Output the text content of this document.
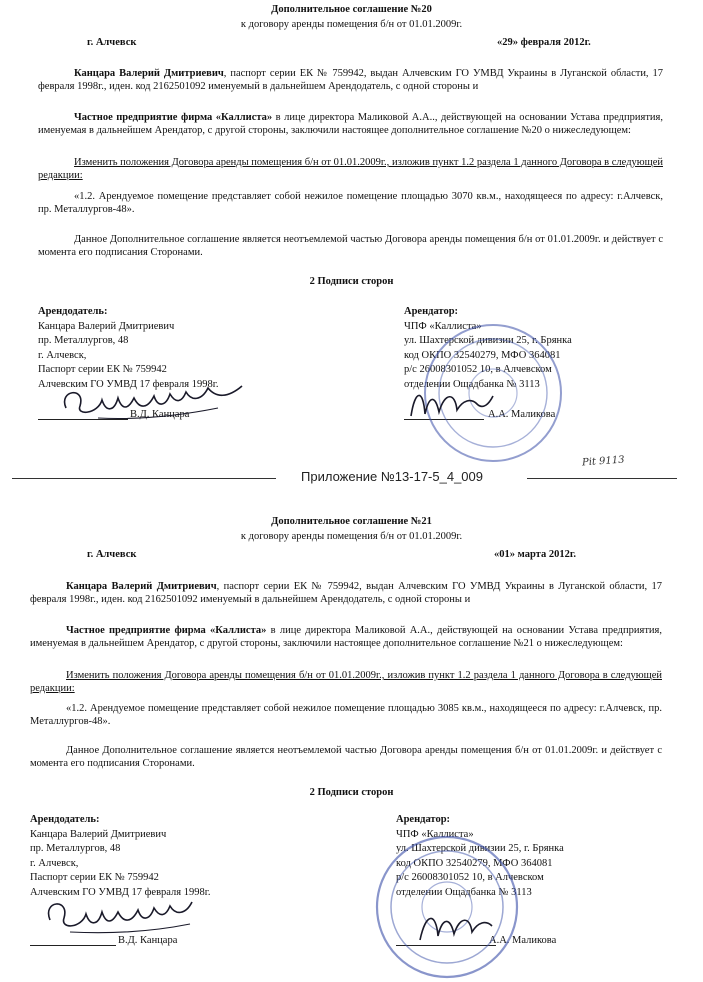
Дополнительное соглашение №20
к договору аренды помещения б/н от 01.01.2009г.
г. Алчевск	«29» февраля 2012г.
Канцара Валерий Дмитриевич, паспорт серии ЕК № 759942, выдан Алчевским ГО УМВД Украины в Луганской области, 17 февраля 1998г., иден. код 2162501092 именуемый в дальнейшем Арендодатель, с одной стороны и
Частное предприятие фирма «Каллиста» в лице директора Маликовой А.А.., действующей на основании Устава предприятия, именуемая в дальнейшем Арендатор, с другой стороны, заключили настоящее дополнительное соглашение №20 о нижеследующем:
Изменить положения Договора аренды помещения б/н от 01.01.2009г., изложив пункт 1.2 раздела 1 данного Договора в следующей редакции:
«1.2. Арендуемое помещение представляет собой нежилое помещение площадью 3070 кв.м., находящееся по адресу: г.Алчевск, пр. Металлургов-48».
Данное Дополнительное соглашение является неотъемлемой частью Договора аренды помещения б/н от 01.01.2009г. и действует с момента его подписания Сторонами.
2 Подписи сторон
Арендодатель:
Канцара Валерий Дмитриевич
пр. Металлургов, 48
г. Алчевск,
Паспорт серии ЕК № 759942
Алчевским ГО УМВД 17 февраля 1998г.
В.Д. Канцара
Арендатор:
ЧПФ «Каллиста»
ул. Шахтерской дивизии 25, г. Брянка
код ОКПО 32540279, МФО 364081
р/с 26008301052 10, в Алчевском
отделении Ощадбанка № 3113
А.А. Маликова
Приложение №13-17-5_4_009
Рit 9113
Дополнительное соглашение №21
к договору аренды помещения б/н от 01.01.2009г.
г. Алчевск	«01» марта 2012г.
Канцара Валерий Дмитриевич, паспорт серии ЕК № 759942, выдан Алчевским ГО УМВД Украины в Луганской области, 17 февраля 1998г., иден. код 2162501092 именуемый в дальнейшем Арендодатель, с одной стороны и
Частное предприятие фирма «Каллиста» в лице директора Маликовой А.А., действующей на основании Устава предприятия, именуемая в дальнейшем Арендатор, с другой стороны, заключили настоящее дополнительное соглашение №21 о нижеследующем:
Изменить положения Договора аренды помещения б/н от 01.01.2009г., изложив пункт 1.2 раздела 1 данного Договора в следующей редакции:
«1.2. Арендуемое помещение представляет собой нежилое помещение площадью 3085 кв.м., находящееся по адресу: г.Алчевск, пр. Металлургов-48».
Данное Дополнительное соглашение является неотъемлемой частью Договора аренды помещения б/н от 01.01.2009г. и действует с момента его подписания Сторонами.
2 Подписи сторон
Арендодатель:
Канцара Валерий Дмитриевич
пр. Металлургов, 48
г. Алчевск,
Паспорт серии ЕК № 759942
Алчевским ГО УМВД 17 февраля 1998г.
В.Д. Канцара
Арендатор:
ЧПФ «Каллиста»
ул. Шахтерской дивизии 25, г. Брянка
код ОКПО 32540279, МФО 364081
р/с 26008301052 10, в Алчевском
отделении Ощадбанка № 3113
А.А. Маликова
